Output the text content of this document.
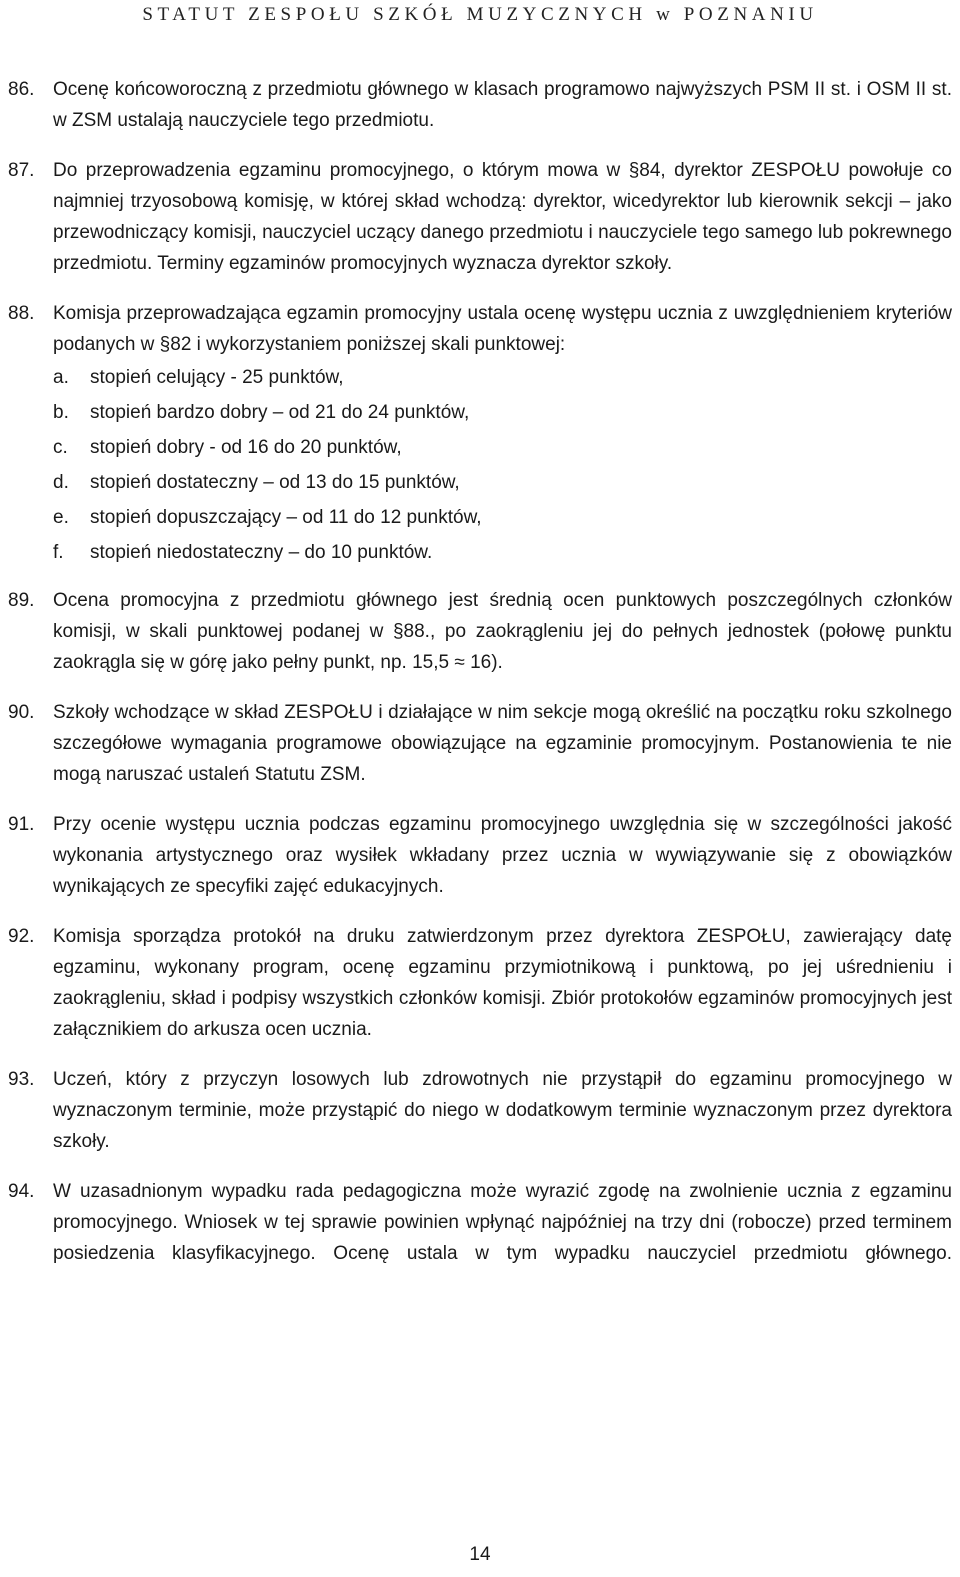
STATUT ZESPOŁU SZKÓŁ MUZYCZNYCH w POZNANIU
86. Ocenę końcoworoczną z przedmiotu głównego w klasach programowo najwyższych PSM II st. i OSM II st. w ZSM ustalają nauczyciele tego przedmiotu.
87. Do przeprowadzenia egzaminu promocyjnego, o którym mowa w §84, dyrektor ZESPOŁU powołuje co najmniej trzyosobową komisję, w której skład wchodzą: dyrektor, wicedyrektor lub kierownik sekcji – jako przewodniczący komisji, nauczyciel uczący danego przedmiotu i nauczyciele tego samego lub pokrewnego przedmiotu. Terminy egzaminów promocyjnych wyznacza dyrektor szkoły.
88. Komisja przeprowadzająca egzamin promocyjny ustala ocenę występu ucznia z uwzględnieniem kryteriów podanych w §82 i wykorzystaniem poniższej skali punktowej:
a. stopień celujący - 25 punktów,
b. stopień bardzo dobry – od 21 do 24 punktów,
c. stopień dobry - od 16 do 20 punktów,
d. stopień dostateczny – od 13 do 15 punktów,
e. stopień dopuszczający – od 11 do 12 punktów,
f. stopień niedostateczny – do 10 punktów.
89. Ocena promocyjna z przedmiotu głównego jest średnią ocen punktowych poszczególnych członków komisji, w skali punktowej podanej w §88., po zaokrągleniu jej do pełnych jednostek (połowę punktu zaokrągla się w górę jako pełny punkt, np. 15,5 ≈ 16).
90. Szkoły wchodzące w skład ZESPOŁU i działające w nim sekcje mogą określić na początku roku szkolnego szczegółowe wymagania programowe obowiązujące na egzaminie promocyjnym. Postanowienia te nie mogą naruszać ustaleń Statutu ZSM.
91. Przy ocenie występu ucznia podczas egzaminu promocyjnego uwzględnia się w szczególności jakość wykonania artystycznego oraz wysiłek wkładany przez ucznia w wywiązywanie się z obowiązków wynikających ze specyfiki zajęć edukacyjnych.
92. Komisja sporządza protokół na druku zatwierdzonym przez dyrektora ZESPOŁU, zawierający datę egzaminu, wykonany program, ocenę egzaminu przymiotnikową i punktową, po jej uśrednieniu i zaokrągleniu, skład i podpisy wszystkich członków komisji. Zbiór protokołów egzaminów promocyjnych jest załącznikiem do arkusza ocen ucznia.
93. Uczeń, który z przyczyn losowych lub zdrowotnych nie przystąpił do egzaminu promocyjnego w wyznaczonym terminie, może przystąpić do niego w dodatkowym terminie wyznaczonym przez dyrektora szkoły.
94. W uzasadnionym wypadku rada pedagogiczna może wyrazić zgodę na zwolnienie ucznia z egzaminu promocyjnego. Wniosek w tej sprawie powinien wpłynąć najpóźniej na trzy dni (robocze) przed terminem posiedzenia klasyfikacyjnego. Ocenę ustala w tym wypadku nauczyciel przedmiotu głównego.
14
